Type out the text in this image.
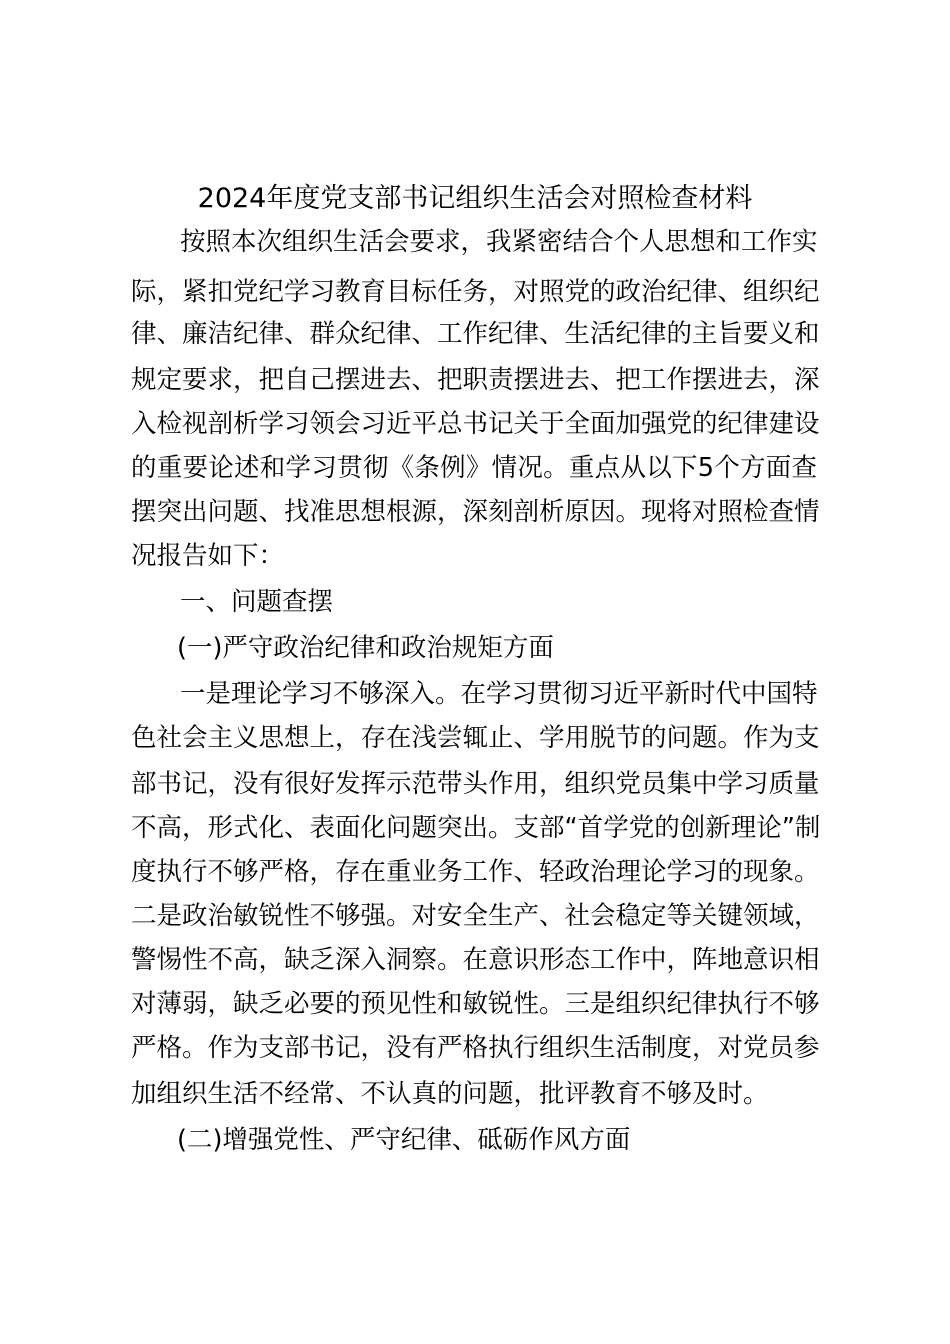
2024年度党支部书记组织生活会对照检查材料
按照本次组织生活会要求，我紧密结合个人思想和工作实
际，紧扣党纪学习教育目标任务，对照党的政治纪律、组织纪
律、廉洁纪律、群众纪律、工作纪律、生活纪律的主旨要义和
规定要求，把自己摆进去、把职责摆进去、把工作摆进去，深
入检视剖析学习领会习近平总书记关于全面加强党的纪律建设
的重要论述和学习贯彻《条例》情况。重点从以下5个方面查
摆突出问题、找准思想根源，深刻剖析原因。现将对照检查情
况报告如下：
一、问题查摆
(一)严守政治纪律和政治规矩方面
一是理论学习不够深入。在学习贯彻习近平新时代中国特
色社会主义思想上，存在浅尝辄止、学用脱节的问题。作为支
部书记，没有很好发挥示范带头作用，组织党员集中学习质量
不高，形式化、表面化问题突出。支部“首学党的创新理论”制
度执行不够严格，存在重业务工作、轻政治理论学习的现象。
二是政治敏锐性不够强。对安全生产、社会稳定等关键领域，
警惕性不高，缺乏深入洞察。在意识形态工作中，阵地意识相
对薄弱，缺乏必要的预见性和敏锐性。三是组织纪律执行不够
严格。作为支部书记，没有严格执行组织生活制度，对党员参
加组织生活不经常、不认真的问题，批评教育不够及时。
(二)增强党性、严守纪律、砥砺作风方面
